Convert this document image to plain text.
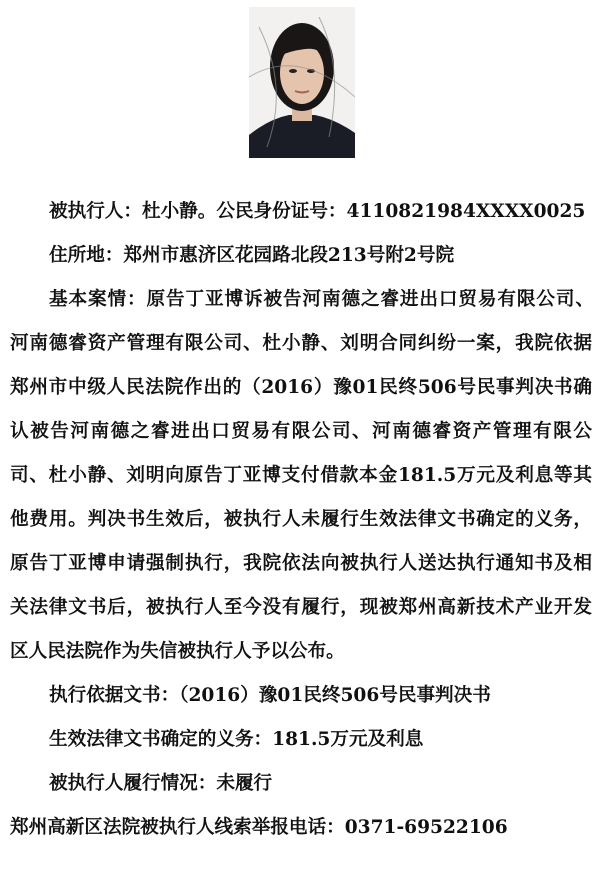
被执行人：杜小静。公民身份证号：4110821984XXXX0025
住所地：郑州市惠济区花园路北段213号附2号院
基本案情：原告丁亚博诉被告河南德之睿进出口贸易有限公司、
河南德睿资产管理有限公司、杜小静、刘明合同纠纷一案，我院依据
郑州市中级人民法院作出的（2016）豫01民终506号民事判决书确
认被告河南德之睿进出口贸易有限公司、河南德睿资产管理有限公
司、杜小静、刘明向原告丁亚博支付借款本金181.5万元及利息等其
他费用。判决书生效后，被执行人未履行生效法律文书确定的义务，
原告丁亚博申请强制执行，我院依法向被执行人送达执行通知书及相
关法律文书后，被执行人至今没有履行，现被郑州高新技术产业开发
区人民法院作为失信被执行人予以公布。
执行依据文书：（2016）豫01民终506号民事判决书
生效法律文书确定的义务：181.5万元及利息
被执行人履行情况：未履行
郑州高新区法院被执行人线索举报电话：0371-69522106
